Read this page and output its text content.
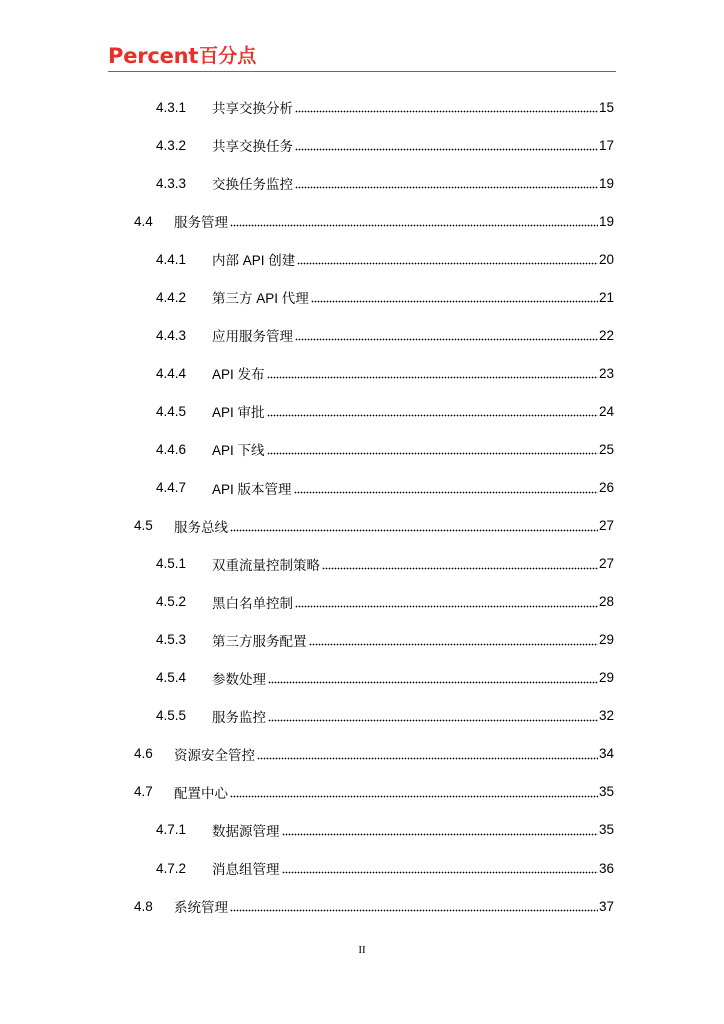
Percent 百分点
4.3.1	共享交换分析	15
4.3.2	共享交换任务	17
4.3.3	交换任务监控	19
4.4	服务管理	19
4.4.1	内部 API 创建	20
4.4.2	第三方 API 代理	21
4.4.3	应用服务管理	22
4.4.4	API 发布	23
4.4.5	API 审批	24
4.4.6	API 下线	25
4.4.7	API 版本管理	26
4.5	服务总线	27
4.5.1	双重流量控制策略	27
4.5.2	黑白名单控制	28
4.5.3	第三方服务配置	29
4.5.4	参数处理	29
4.5.5	服务监控	32
4.6	资源安全管控	34
4.7	配置中心	35
4.7.1	数据源管理	35
4.7.2	消息组管理	36
4.8	系统管理	37
II
